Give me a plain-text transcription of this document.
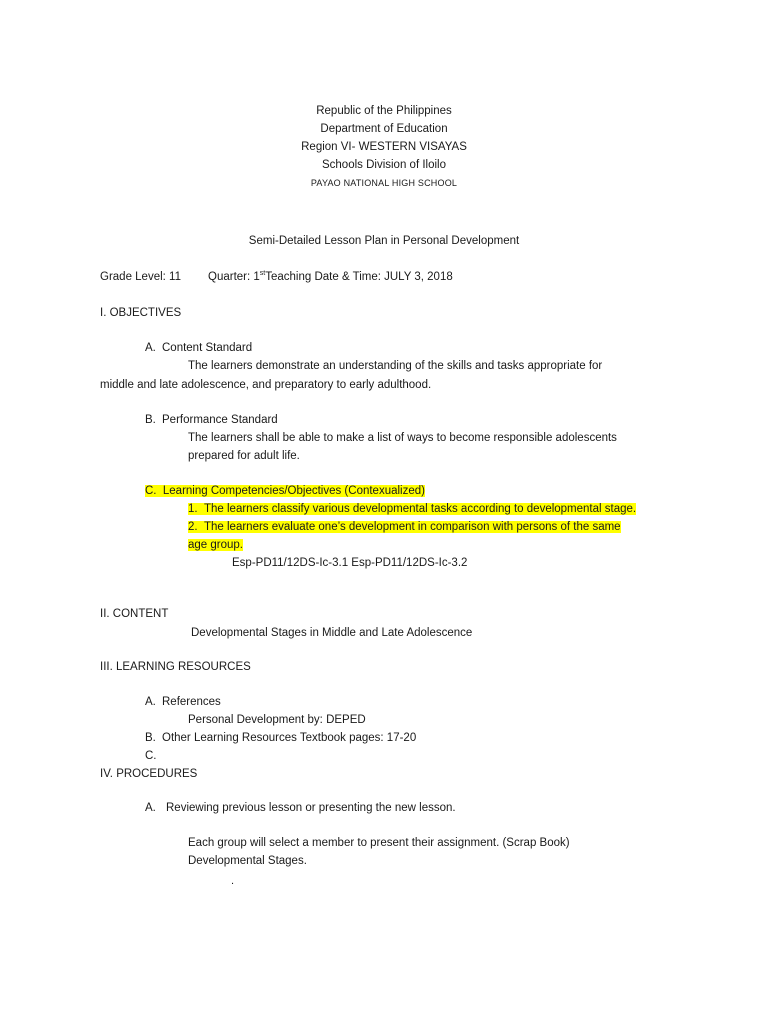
Republic of the Philippines

Department of Education

Region VI- WESTERN VISAYAS

Schools Division of Iloilo

PAYAO NATIONAL HIGH SCHOOL

Semi-Detailed Lesson Plan in Personal Development

Grade Level: 11 Quarter: 1stTeaching Date & Time: JULY 3, 2018

I. OBJECTIVES

A. Content Standard

The learners demonstrate an understanding of the skills and tasks appropriate for

middle and late adolescence, and preparatory to early adulthood.

B. Performance Standard

The learners shall be able to make a list of ways to become responsible adolescents

prepared for adult life.

C. Learning Competencies/Objectives (Contexualized)

1. The learners classify various developmental tasks according to developmental stage.

2. The learners evaluate one’s development in comparison with persons of the same

age group.

Esp-PD11/12DS-Ic-3.1 Esp-PD11/12DS-Ic-3.2

II. CONTENT

Developmental Stages in Middle and Late Adolescence

III. LEARNING RESOURCES

A. References

Personal Development by: DEPED

B. Other Learning Resources Textbook pages: 17-20

C.

IV. PROCEDURES

A. Reviewing previous lesson or presenting the new lesson.

Each group will select a member to present their assignment. (Scrap Book)

Developmental Stages.

.
